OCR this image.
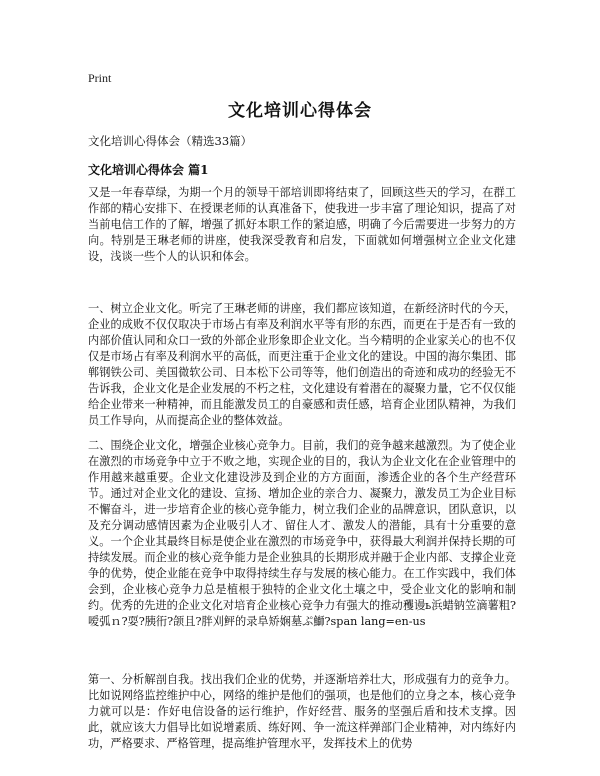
Print
文化培训心得体会
文化培训心得体会（精选33篇）
文化培训心得体会 篇1

又是一年春草绿，为期一个月的领导干部培训即将结束了，回顾这些天的学习，在群工作部的精心安排下、在授课老师的认真准备下，使我进一步丰富了理论知识，提高了对当前电信工作的了解，增强了抓好本职工作的紧迫感，明确了今后需要进一步努力的方向。特别是王琳老师的讲座，使我深受教育和启发，下面就如何增强树立企业文化建设，浅谈一些个人的认识和体会。

一、树立企业文化。听完了王琳老师的讲座，我们都应该知道，在新经济时代的今天，企业的成败不仅仅取决于市场占有率及利润水平等有形的东西，而更在于是否有一致的内部价值认同和众口一致的外部企业形象即企业文化。当今精明的企业家关心的也不仅仅是市场占有率及利润水平的高低，而更注重于企业文化的建设。中国的海尔集团、邯郸钢铁公司、美国微软公司、日本松下公司等等，他们创造出的奇迹和成功的经验无不告诉我，企业文化是企业发展的不朽之柱，文化建设有着潜在的凝聚力量，它不仅仅能给企业带来一种精神，而且能激发员工的自豪感和责任感，培育企业团队精神，为我们员工作导向，从而提高企业的整体效益。

二、围绕企业文化，增强企业核心竞争力。目前，我们的竞争越来越激烈。为了使企业在激烈的市场竞争中立于不败之地，实现企业的目的，我认为企业文化在企业管理中的作用越来越重要。企业文化建设涉及到企业的方方面面，渗透企业的各个生产经营环节。通过对企业文化的建设、宣扬、增加企业的亲合力、凝聚力，激发员工为企业目标不懈奋斗，进一步培育企业的核心竞争能力，树立我们企业的品牌意识，团队意识，以及充分调动感情因素为企业吸引人才、留住人才、激发人的潜能，具有十分重要的意义。一个企业其最终目标是使企业在激烈的市场竞争中，获得最大利润并保持长期的可持续发展。而企业的核心竞争能力是企业独具的长期形成并融于企业内部、支撑企业竞争的优势，使企业能在竞争中取得持续生存与发展的核心能力。在工作实践中，我们体会到，企业核心竞争力总是植根于独特的企业文化土壤之中，受企业文化的影响和制约。优秀的先进的企业文化对培育企业核心竞争力有强大的推动矡谩ь浜蜡钠笠滴薯粗?嗳弧ｎ?耍?胰衎?颌且?胖刈鲆的录阜矫娴墓ぷ鰤?span lang=en-us

第一、分析解剖自我。找出我们企业的优势，并逐渐培养壮大，形成强有力的竞争力。比如说网络监控维护中心，网络的维护是他们的强项，也是他们的立身之本，核心竞争力就可以是：作好电信设备的运行维护，作好经营、服务的坚强后盾和技术支撑。因此，就应该大力倡导比如说增素质、练好网、争一流这样弹部门企业精神，对内练好内功，严格要求、严格管理，提高维护管理水平，发挥技术上的优势
